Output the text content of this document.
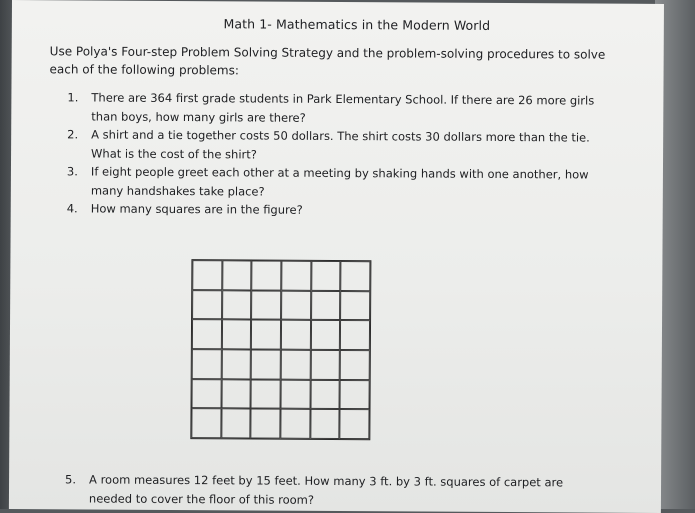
Math 1- Mathematics in the Modern World
Use Polya's Four-step Problem Solving Strategy and the problem-solving procedures to solve
each of the following problems:
1. There are 364 first grade students in Park Elementary School. If there are 26 more girls
than boys, how many girls are there?
2. A shirt and a tie together costs 50 dollars. The shirt costs 30 dollars more than the tie.
What is the cost of the shirt?
3. If eight people greet each other at a meeting by shaking hands with one another, how
many handshakes take place?
4. How many squares are in the figure?
5. A room measures 12 feet by 15 feet. How many 3 ft. by 3 ft. squares of carpet are
needed to cover the floor of this room?
